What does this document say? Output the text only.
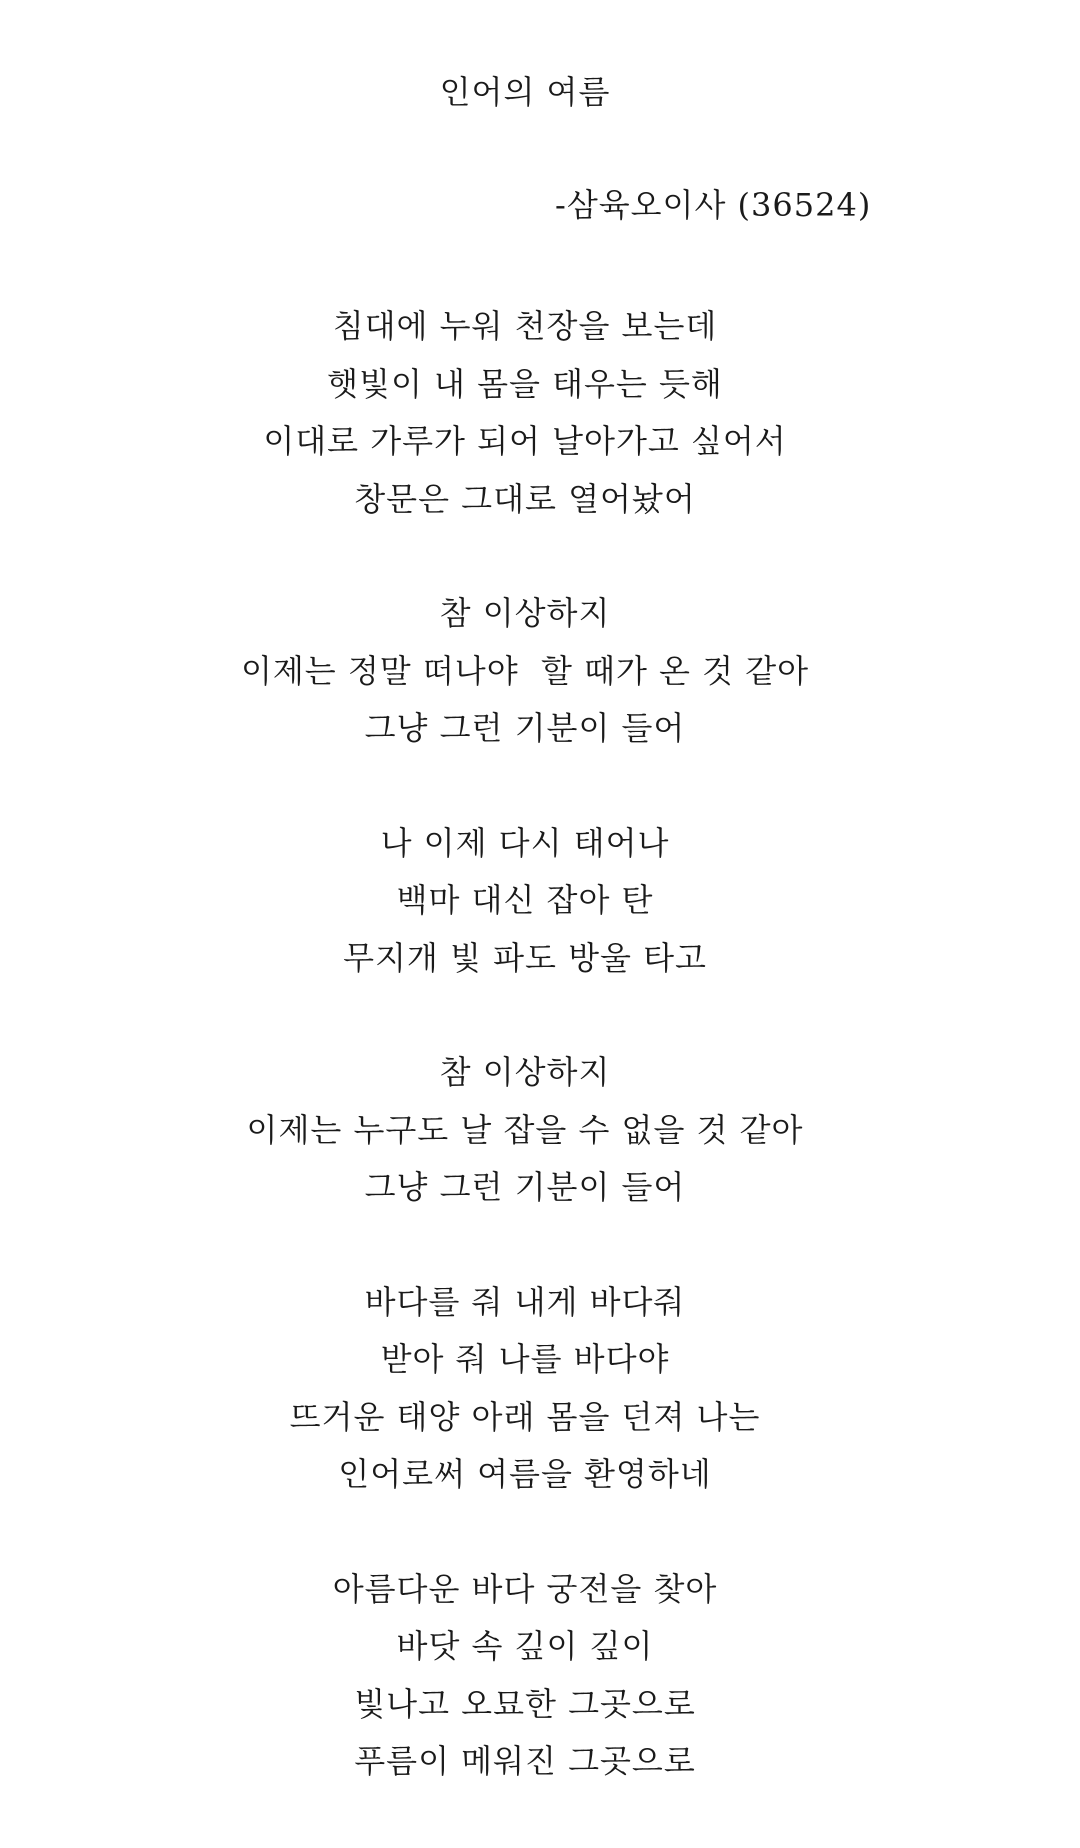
인어의 여름
-삼육오이사 (36524)
침대에 누워 천장을 보는데
햇빛이 내 몸을 태우는 듯해
이대로 가루가 되어 날아가고 싶어서
창문은 그대로 열어놨어
참 이상하지
이제는 정말 떠나야  할 때가 온 것 같아
그냥 그런 기분이 들어
나 이제 다시 태어나
백마 대신 잡아 탄
무지개 빛 파도 방울 타고
참 이상하지
이제는 누구도 날 잡을 수 없을 것 같아
그냥 그런 기분이 들어
바다를 줘 내게 바다줘
받아 줘 나를 바다야
뜨거운 태양 아래 몸을 던져 나는
인어로써 여름을 환영하네
아름다운 바다 궁전을 찾아
바닷 속 깊이 깊이
빛나고 오묘한 그곳으로
푸름이 메워진 그곳으로
